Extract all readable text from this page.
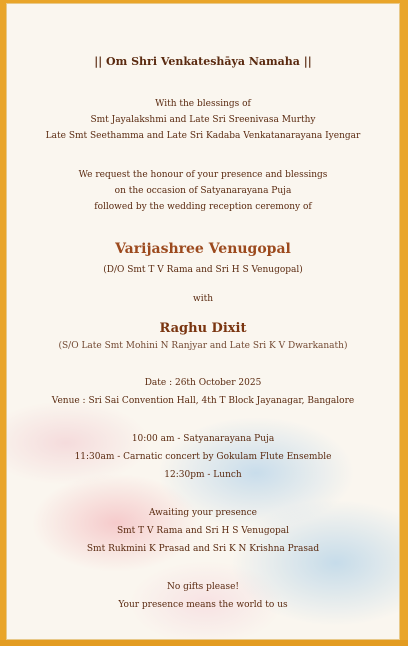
|| Om Shri Venkateshāya Namaha ||
With the blessings of
Smt Jayalakshmi and Late Sri Sreenivasa Murthy
Late Smt Seethamma and Late Sri Kadaba Venkatanarayana Iyengar
We request the honour of your presence and blessings
on the occasion of Satyanarayana Puja
followed by the wedding reception ceremony of
Varijashree Venugopal
(D/O Smt T V Rama and Sri H S Venugopal)
with
Raghu Dixit
(S/O Late Smt Mohini N Ranjyar and Late Sri K V Dwarkanath)
Date : 26th October 2025
Venue : Sri Sai Convention Hall, 4th T Block Jayanagar, Bangalore
10:00 am - Satyanarayana Puja
11:30am - Carnatic concert by Gokulam Flute Ensemble
12:30pm - Lunch
Awaiting your presence
Smt T V Rama and Sri H S Venugopal
Smt Rukmini K Prasad and Sri K N Krishna Prasad
No gifts please!
Your presence means the world to us
